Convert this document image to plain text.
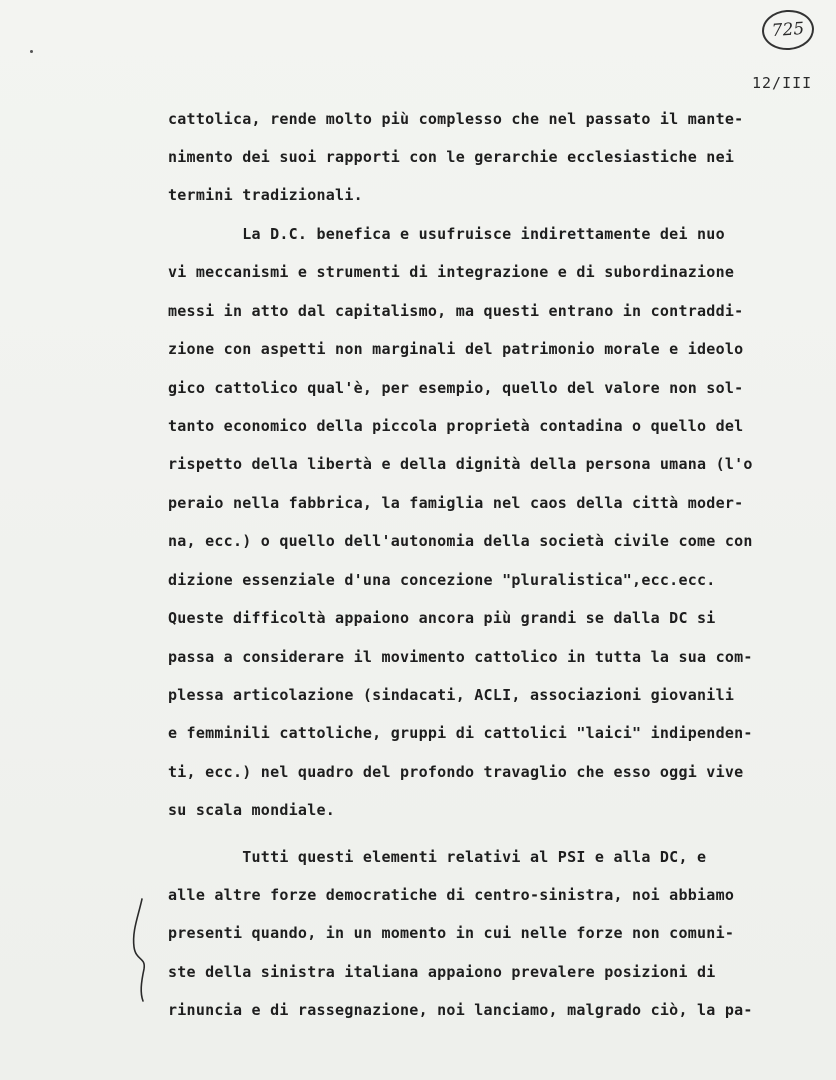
725
12/III
cattolica, rende molto più complesso che nel passato il mante-
nimento dei suoi rapporti con le gerarchie ecclesiastiche nei
termini tradizionali.
La D.C. benefica e usufruisce indirettamente dei nuo
vi meccanismi e strumenti di integrazione e di subordinazione
messi in atto dal capitalismo, ma questi entrano in contraddi-
zione con aspetti non marginali del patrimonio morale e ideolo
gico cattolico qual'è, per esempio, quello del valore non sol-
tanto economico della piccola proprietà contadina o quello del
rispetto della libertà e della dignità della persona umana (l'o
peraio nella fabbrica, la famiglia nel caos della città moder-
na, ecc.) o quello dell'autonomia della società civile come con
dizione essenziale d'una concezione "pluralistica",ecc.ecc.
Queste difficoltà appaiono ancora più grandi se dalla DC si
passa a considerare il movimento cattolico in tutta la sua com-
plessa articolazione (sindacati, ACLI, associazioni giovanili
e femminili cattoliche, gruppi di cattolici "laici" indipenden-
ti, ecc.) nel quadro del profondo travaglio che esso oggi vive
su scala mondiale.
Tutti questi elementi relativi al PSI e alla DC, e
alle altre forze democratiche di centro-sinistra, noi abbiamo
presenti quando, in un momento in cui nelle forze non comuni-
ste della sinistra italiana appaiono prevalere posizioni di
rinuncia e di rassegnazione, noi lanciamo, malgrado ciò, la pa-
